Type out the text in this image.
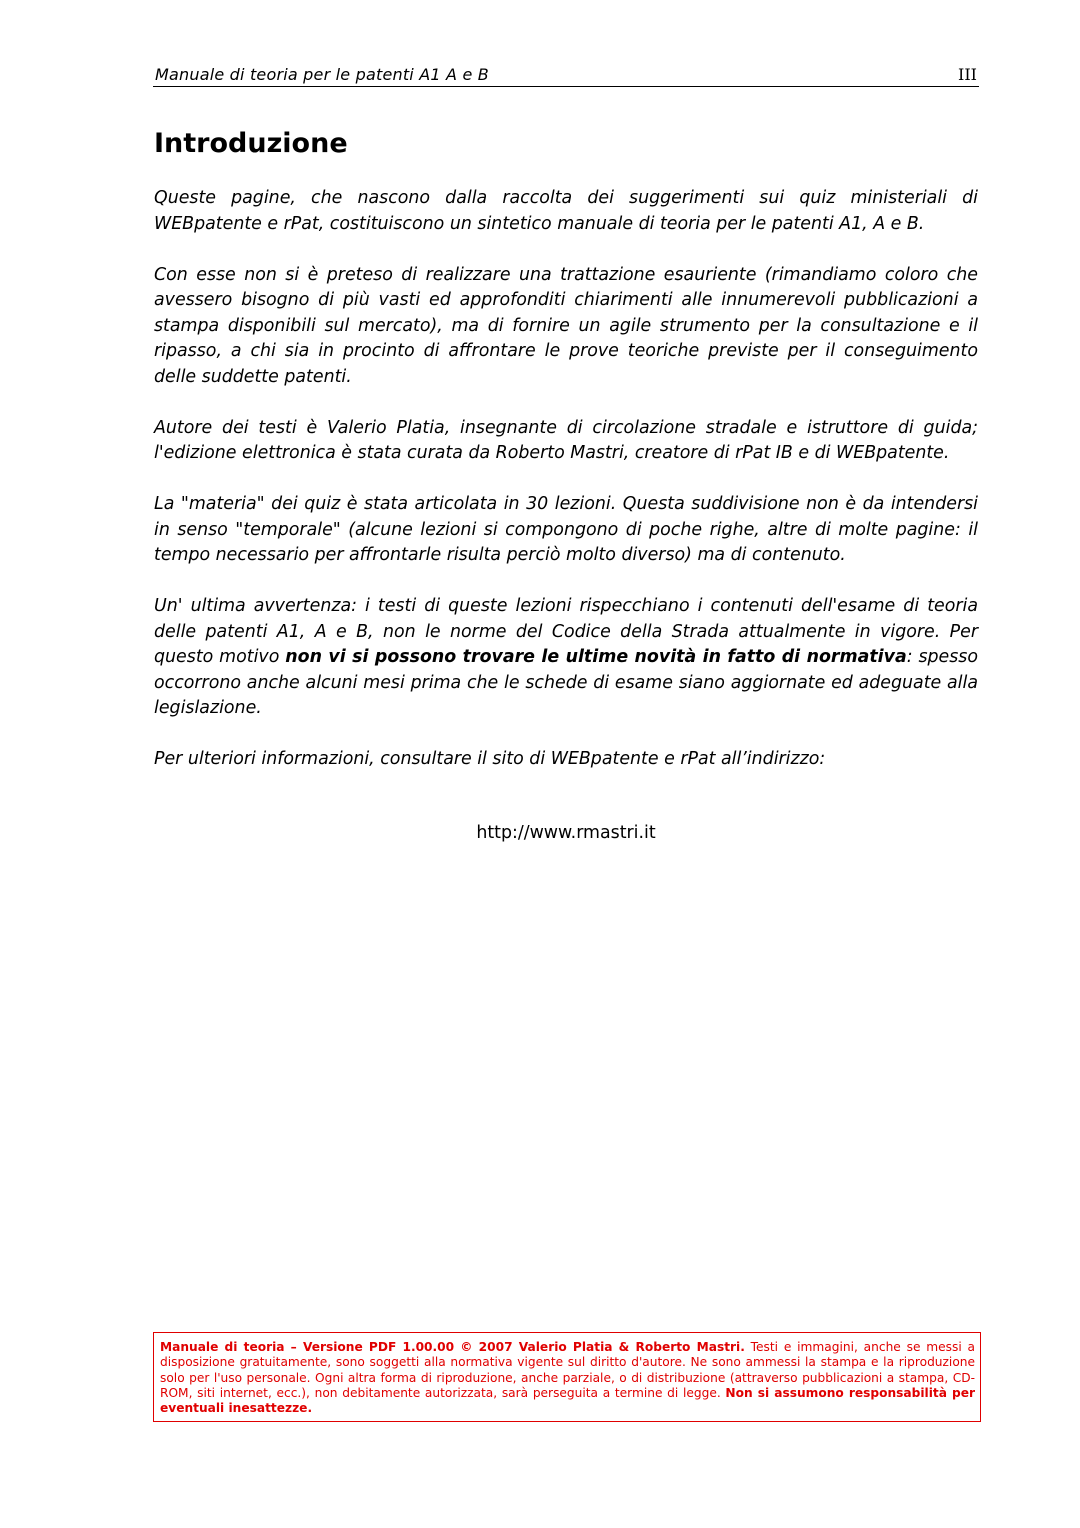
Manuale di teoria per le patenti A1 A e B	III
Introduzione

Queste pagine, che nascono dalla raccolta dei suggerimenti sui quiz ministeriali di WEBpatente e rPat, costituiscono un sintetico manuale di teoria per le patenti A1, A e B.

Con esse non si è preteso di realizzare una trattazione esauriente (rimandiamo coloro che avessero bisogno di più vasti ed approfonditi chiarimenti alle innumerevoli pubblicazioni a stampa disponibili sul mercato), ma di fornire un agile strumento per la consultazione e il ripasso, a chi sia in procinto di affrontare le prove teoriche previste per il conseguimento delle suddette patenti.

Autore dei testi è Valerio Platia, insegnante di circolazione stradale e istruttore di guida; l'edizione elettronica è stata curata da Roberto Mastri, creatore di rPat IB e di WEBpatente.

La "materia" dei quiz è stata articolata in 30 lezioni. Questa suddivisione non è da intendersi in senso "temporale" (alcune lezioni si compongono di poche righe, altre di molte pagine: il tempo necessario per affrontarle risulta perciò molto diverso) ma di contenuto.

Un' ultima avvertenza: i testi di queste lezioni rispecchiano i contenuti dell'esame di teoria delle patenti A1, A e B, non le norme del Codice della Strada attualmente in vigore. Per questo motivo non vi si possono trovare le ultime novità in fatto di normativa: spesso occorrono anche alcuni mesi prima che le schede di esame siano aggiornate ed adeguate alla legislazione.

Per ulteriori informazioni, consultare il sito di WEBpatente e rPat all’indirizzo:

http://www.rmastri.it
Manuale di teoria – Versione PDF 1.00.00 © 2007 Valerio Platia & Roberto Mastri. Testi e immagini, anche se messi a disposizione gratuitamente, sono soggetti alla normativa vigente sul diritto d'autore. Ne sono ammessi la stampa e la riproduzione solo per l'uso personale. Ogni altra forma di riproduzione, anche parziale, o di distribuzione (attraverso pubblicazioni a stampa, CD-ROM, siti internet, ecc.), non debitamente autorizzata, sarà perseguita a termine di legge. Non si assumono responsabilità per eventuali inesattezze.
